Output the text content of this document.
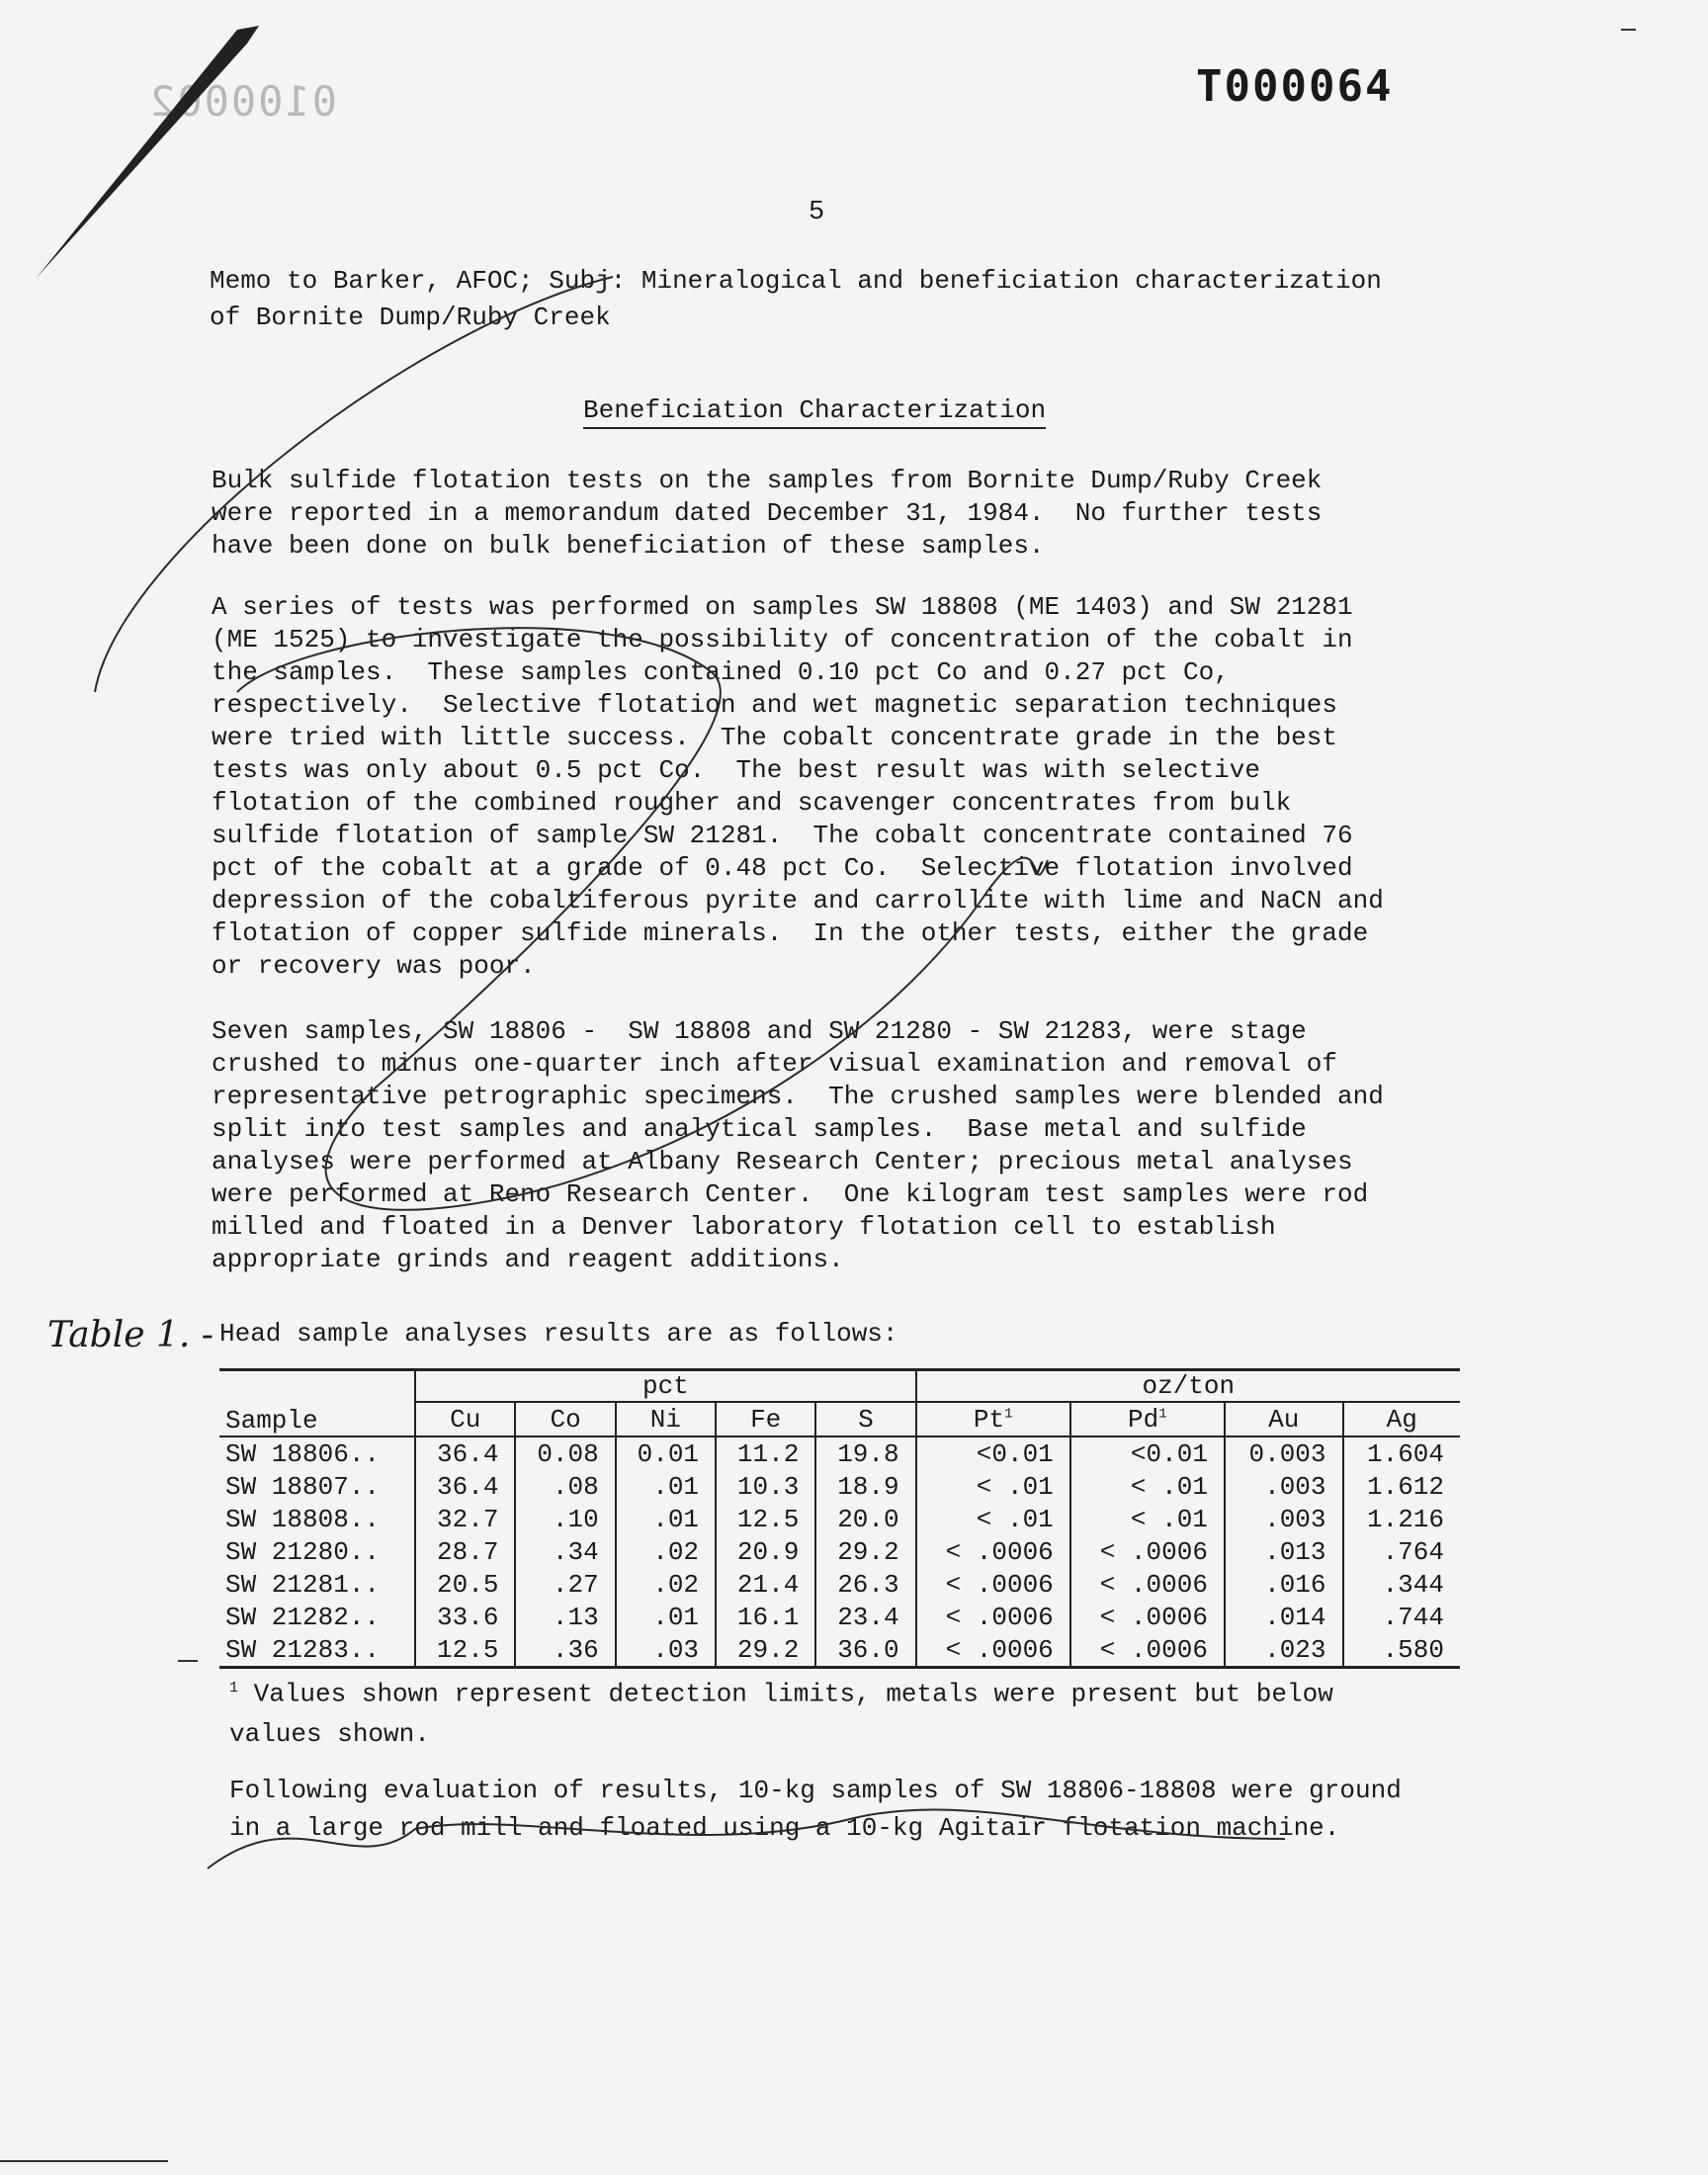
0100002	T000064
5
Memo to Barker, AFOC; Subj: Mineralogical and beneficiation characterization
of Bornite Dump/Ruby Creek
Beneficiation Characterization
Bulk sulfide flotation tests on the samples from Bornite Dump/Ruby Creek
were reported in a memorandum dated December 31, 1984.  No further tests
have been done on bulk beneficiation of these samples.
A series of tests was performed on samples SW 18808 (ME 1403) and SW 21281
(ME 1525) to investigate the possibility of concentration of the cobalt in
the samples.  These samples contained 0.10 pct Co and 0.27 pct Co,
respectively.  Selective flotation and wet magnetic separation techniques
were tried with little success.  The cobalt concentrate grade in the best
tests was only about 0.5 pct Co.  The best result was with selective
flotation of the combined rougher and scavenger concentrates from bulk
sulfide flotation of sample SW 21281.  The cobalt concentrate contained 76
pct of the cobalt at a grade of 0.48 pct Co.  Selective flotation involved
depression of the cobaltiferous pyrite and carrollite with lime and NaCN and
flotation of copper sulfide minerals.  In the other tests, either the grade
or recovery was poor.
Seven samples, SW 18806 -  SW 18808 and SW 21280 - SW 21283, were stage
crushed to minus one-quarter inch after visual examination and removal of
representative petrographic specimens.  The crushed samples were blended and
split into test samples and analytical samples.  Base metal and sulfide
analyses were performed at Albany Research Center; precious metal analyses
were performed at Reno Research Center.  One kilogram test samples were rod
milled and floated in a Denver laboratory flotation cell to establish
appropriate grinds and reagent additions.
Table 1. - Head sample analyses results are as follows:
Sample	pct					oz/ton			
	Cu	Co	Ni	Fe	S	Pt$^1$	Pd$^1$	Au	Ag
SW 18806..	36.4	0.08	0.01	11.2	19.8	<0.01	<0.01	0.003	1.604
SW 18807..	36.4	.08	.01	10.3	18.9	< .01	< .01	.003	1.612
SW 18808..	32.7	.10	.01	12.5	20.0	< .01	< .01	.003	1.216
SW 21280..	28.7	.34	.02	20.9	29.2	< .0006	< .0006	.013	.764
SW 21281..	20.5	.27	.02	21.4	26.3	< .0006	< .0006	.016	.344
SW 21282..	33.6	.13	.01	16.1	23.4	< .0006	< .0006	.014	.744
SW 21283..	12.5	.36	.03	29.2	36.0	< .0006	< .0006	.023	.580
$^1$ Values shown represent detection limits, metals were present but below
values shown.
Following evaluation of results, 10-kg samples of SW 18806-18808 were ground
in a large rod mill and floated using a 10-kg Agitair flotation machine.
